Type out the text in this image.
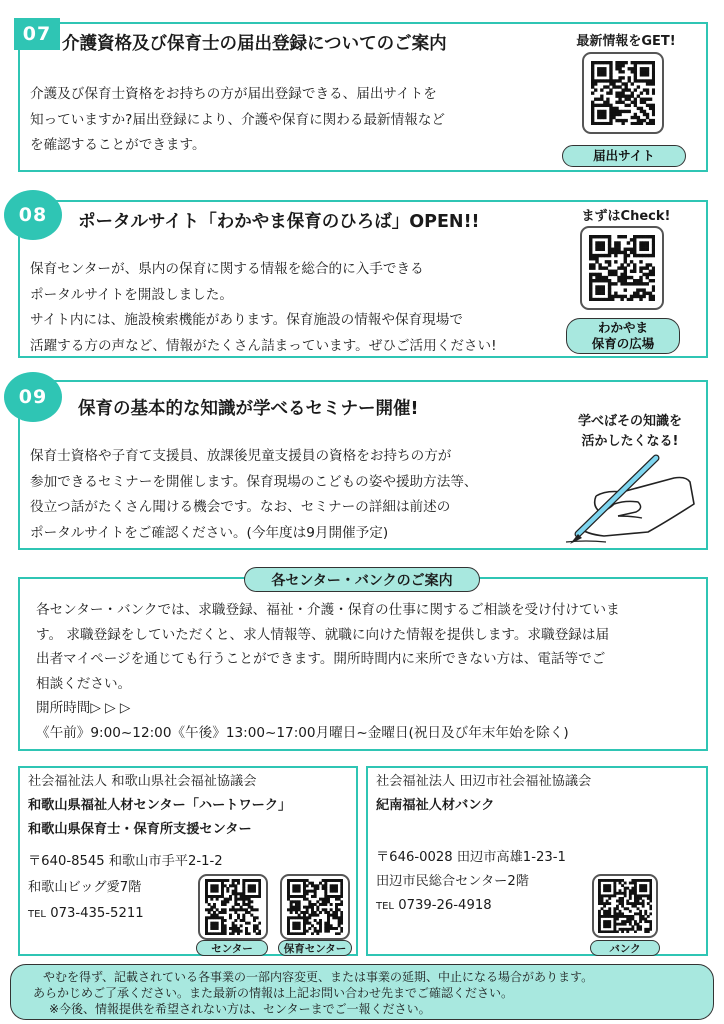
07 介護資格及び保育士の届出登録についてのご案内
介護及び保育士資格をお持ちの方が届出登録できる、届出サイトを
知っていますか?届出登録により、介護や保育に関わる最新情報など
を確認することができます。
最新情報をGET!
届出サイト
08	ポータルサイト「わかやま保育のひろば」OPEN!!
保育センターが、県内の保育に関する情報を総合的に入手できる
ポータルサイトを開設しました。
サイト内には、施設検索機能があります。保育施設の情報や保育現場で
活躍する方の声など、情報がたくさん詰まっています。ぜひご活用ください!
まずはCheck!
わかやま
保育の広場
09
保育の基本的な知識が学べるセミナー開催!
保育士資格や子育て支援員、放課後児童支援員の資格をお持ちの方が
参加できるセミナーを開催します。保育現場のこどもの姿や援助方法等、
役立つ話がたくさん聞ける機会です。なお、セミナーの詳細は前述の
ポータルサイトをご確認ください。(今年度は9月開催予定)
学べばその知識を
活かしたくなる!
各センター・バンクのご案内
各センター・バンクでは、求職登録、福祉・介護・保育の仕事に関するご相談を受け付けていま
す。 求職登録をしていただくと、求人情報等、就職に向けた情報を提供します。求職登録は届
出者マイページを通じても行うことができます。開所時間内に来所できない方は、電話等でご
相談ください。
開所時間▷ ▷ ▷
《午前》9:00~12:00《午後》13:00~17:00月曜日~金曜日(祝日及び年末年始を除く)
社会福祉法人 和歌山県社会福祉協議会
和歌山県福祉人材センター「ハートワーク」
和歌山県保育士・保育所支援センター
〒640-8545 和歌山市手平2-1-2
和歌山ビッグ愛7階
TEL 073-435-5211
センター	保育センター
社会福祉法人 田辺市社会福祉協議会
紀南福祉人材バンク
〒646-0028 田辺市高雄1-23-1
田辺市民総合センター2階
TEL 0739-26-4918
バンク
やむを得ず、記載されている各事業の一部内容変更、または事業の延期、中止になる場合があります。
あらかじめご了承ください。また最新の情報は上記お問い合わせ先までご確認ください。
※今後、情報提供を希望されない方は、センターまでご一報ください。
